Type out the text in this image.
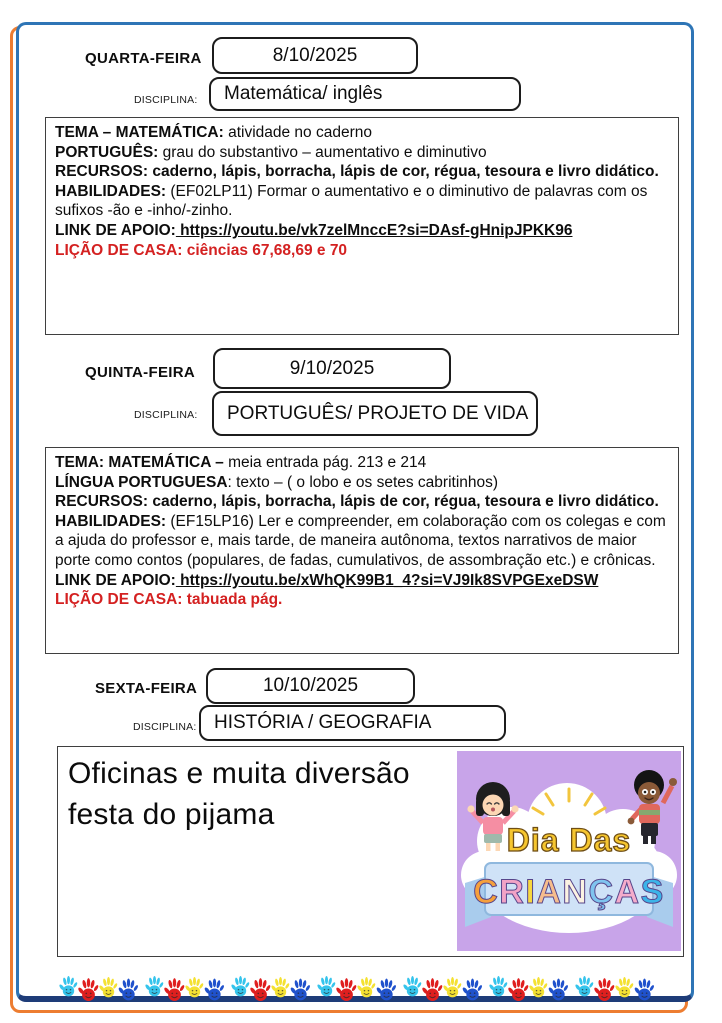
QUARTA-FEIRA	8/10/2025
DISCIPLINA: Matemática/ inglês

TEMA – MATEMÁTICA: atividade no caderno

PORTUGUÊS: grau do substantivo – aumentativo e diminutivo

RECURSOS: caderno, lápis, borracha, lápis de cor, régua, tesoura e livro didático.

HABILIDADES: (EF02LP11) Formar o aumentativo e o diminutivo de palavras com os sufixos -ão e -inho/-zinho.

LINK DE APOIO: https://youtu.be/vk7zelMnccE?si=DAsf-gHnipJPKK96

LIÇÃO DE CASA: ciências 67,68,69 e 70

QUINTA-FEIRA	9/10/2025
DISCIPLINA: PORTUGUÊS/ PROJETO DE VIDA

TEMA: MATEMÁTICA – meia entrada pág. 213 e 214

LÍNGUA PORTUGUESA: texto – ( o lobo e os setes cabritinhos)

RECURSOS: caderno, lápis, borracha, lápis de cor, régua, tesoura e livro didático.

HABILIDADES: (EF15LP16) Ler e compreender, em colaboração com os colegas e com a ajuda do professor e, mais tarde, de maneira autônoma, textos narrativos de maior porte como contos (populares, de fadas, cumulativos, de assombração etc.) e crônicas.

LINK DE APOIO: https://youtu.be/xWhQK99B1_4?si=VJ9Ik8SVPGExeDSW

LIÇÃO DE CASA: tabuada pág.

SEXTA-FEIRA	10/10/2025
DISCIPLINA: HISTÓRIA / GEOGRAFIA
Oficinas e muita diversão
festa do pijama
Dia Das
CRIANÇAS
